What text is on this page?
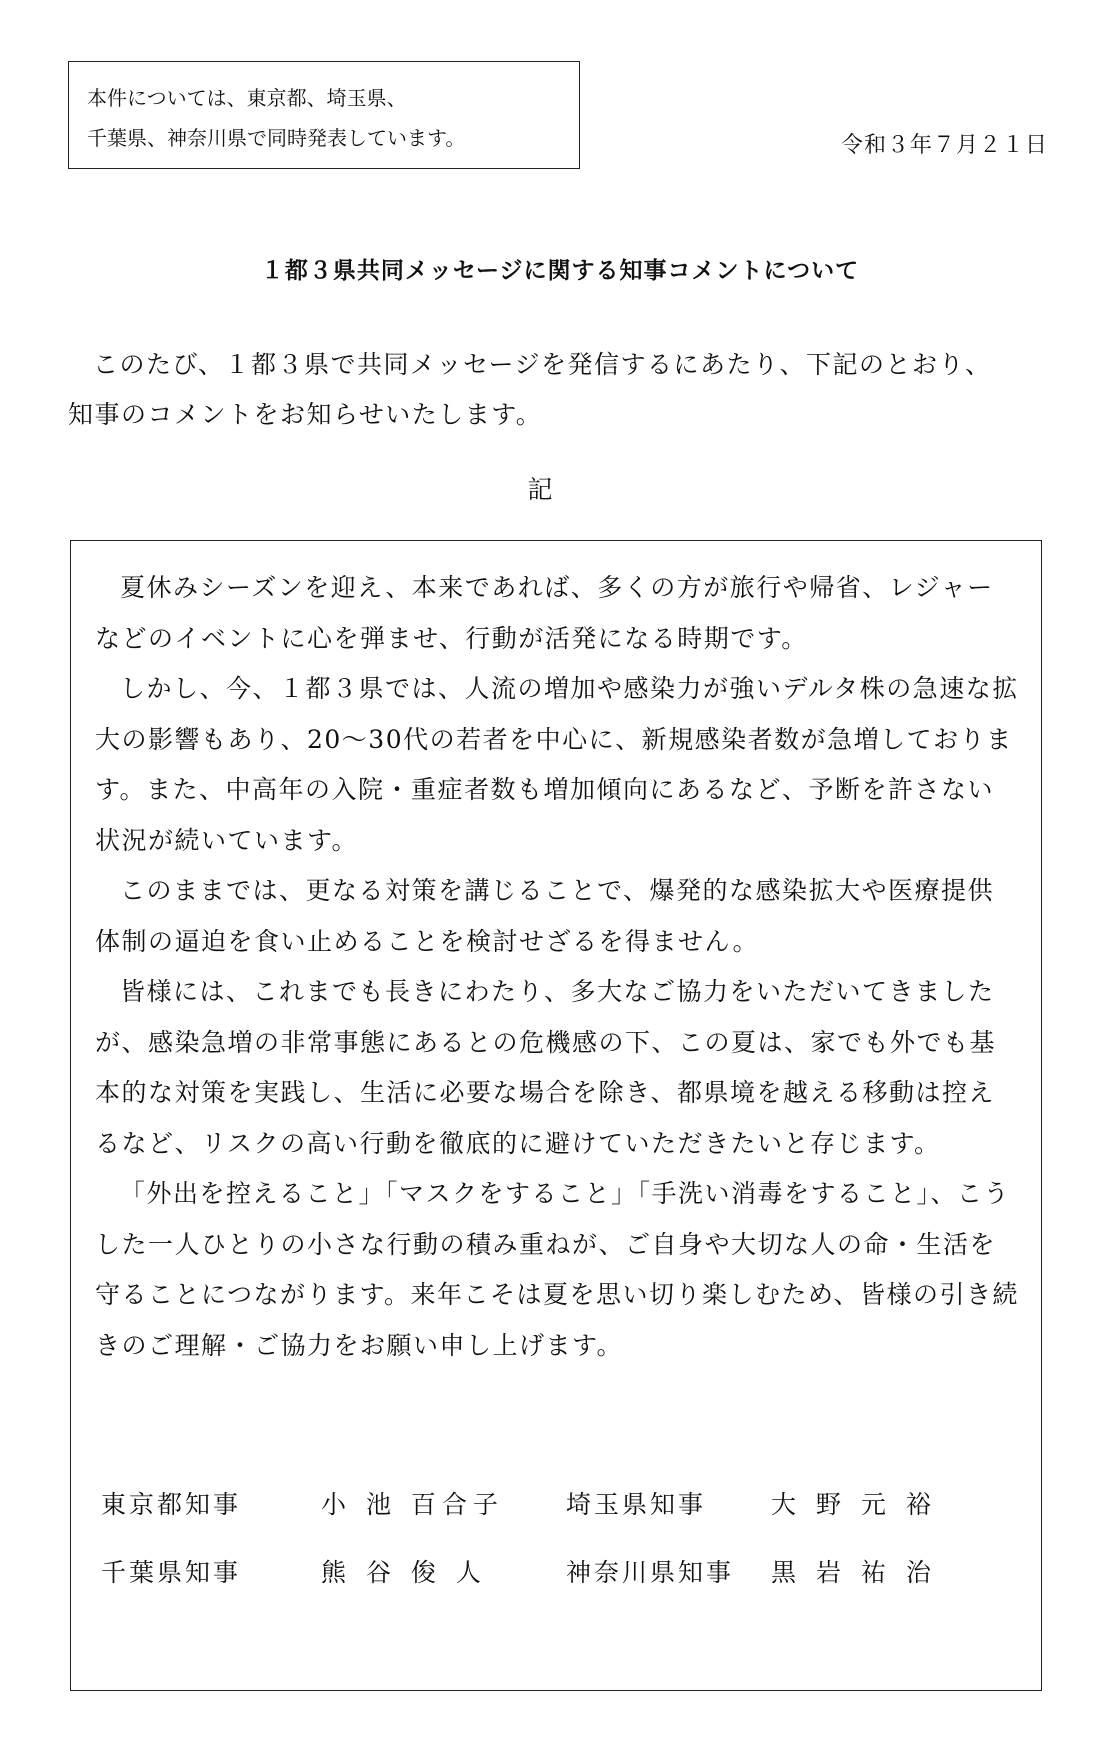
本件については、東京都、埼玉県、
千葉県、神奈川県で同時発表しています。	令和３年７月２１日
１都３県共同メッセージに関する知事コメントについて
このたび、１都３県で共同メッセージを発信するにあたり、下記のとおり、知事のコメントをお知らせいたします。
記

夏休みシーズンを迎え、本来であれば、多くの方が旅行や帰省、レジャーなどのイベントに心を弾ませ、行動が活発になる時期です。

しかし、今、１都３県では、人流の増加や感染力が強いデルタ株の急速な拡大の影響もあり、20～30代の若者を中心に、新規感染者数が急増しております。また、中高年の入院・重症者数も増加傾向にあるなど、予断を許さない状況が続いています。

このままでは、更なる対策を講じることで、爆発的な感染拡大や医療提供体制の逼迫を食い止めることを検討せざるを得ません。

皆様には、これまでも長きにわたり、多大なご協力をいただいてきましたが、感染急増の非常事態にあるとの危機感の下、この夏は、家でも外でも基本的な対策を実践し、生活に必要な場合を除き、都県境を越える移動は控えるなど、リスクの高い行動を徹底的に避けていただきたいと存じます。

「外出を控えること」「マスクをすること」「手洗い消毒をすること」、こうした一人ひとりの小さな行動の積み重ねが、ご自身や大切な人の命・生活を守ることにつながります。来年こそは夏を思い切り楽しむため、皆様の引き続きのご理解・ご協力をお願い申し上げます。

東京都知事	小 池 百合子	埼玉県知事	大 野 元 裕
千葉県知事	熊 谷 俊 人	神奈川県知事	黒 岩 祐 治
